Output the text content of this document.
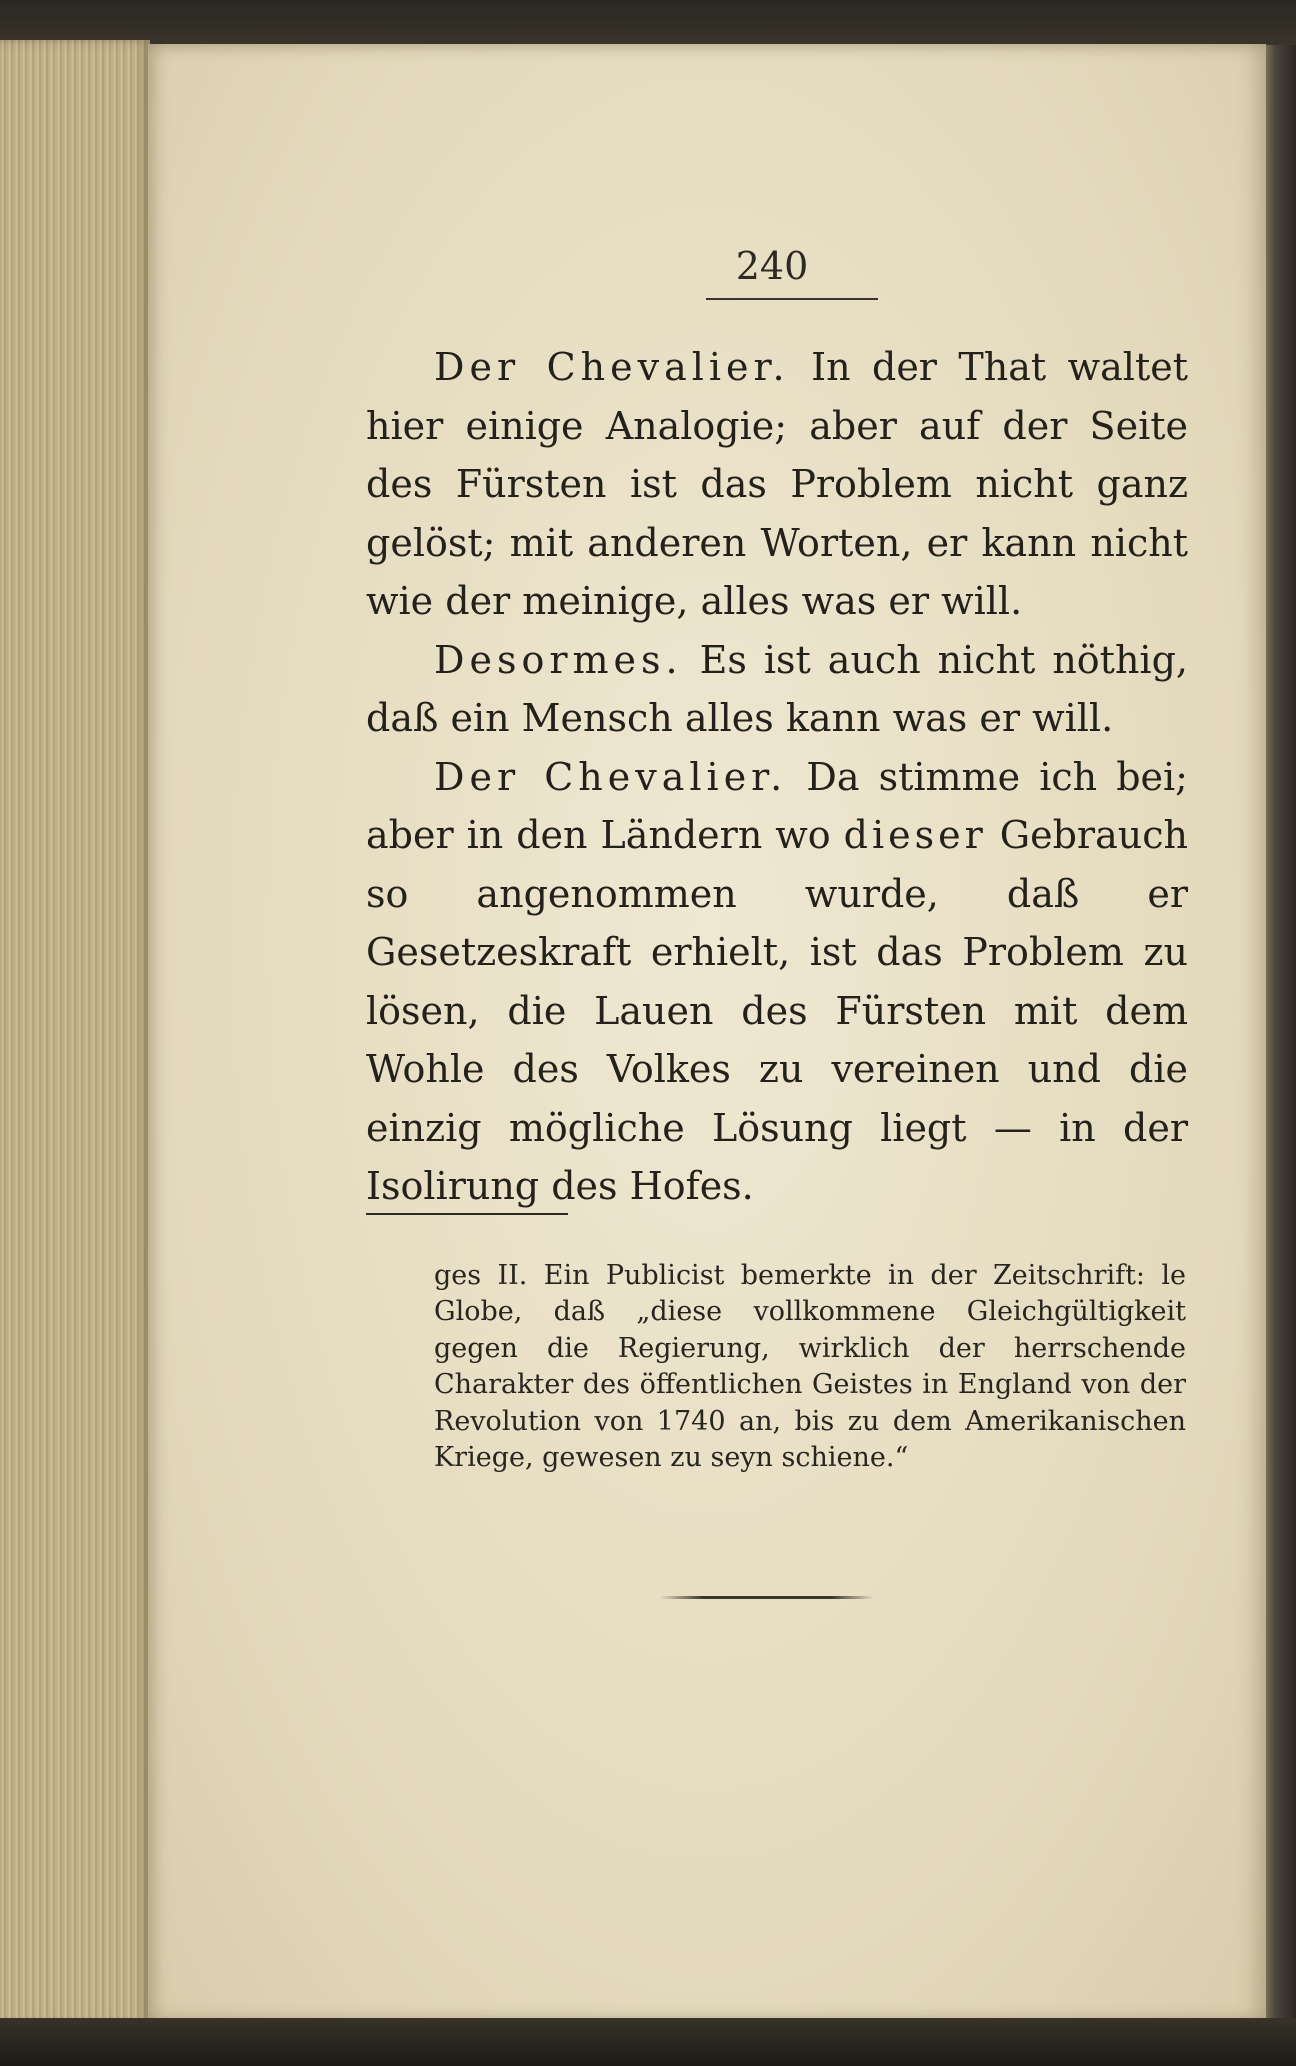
240

Der Chevalier. In der That waltet hier einige Analogie; aber auf der Seite des Fürsten ist das Problem nicht ganz gelöst; mit anderen Worten, er kann nicht wie der meinige, alles was er will.

Desormes. Es ist auch nicht nöthig, daß ein Mensch alles kann was er will.

Der Chevalier. Da stimme ich bei; aber in den Ländern wo dieser Gebrauch so angenommen wurde, daß er Gesetzeskraft erhielt, ist das Problem zu lösen, die Lauen des Fürsten mit dem Wohle des Volkes zu vereinen und die einzig mögliche Lösung liegt — in der Isolirung des Hofes.

ges II. Ein Publicist bemerkte in der Zeitschrift: le Globe, daß „diese vollkommene Gleichgültigkeit gegen die Regierung, wirklich der herrschende Charakter des öffentlichen Geistes in England von der Revolution von 1740 an, bis zu dem Amerikanischen Kriege, gewesen zu seyn schiene.“
